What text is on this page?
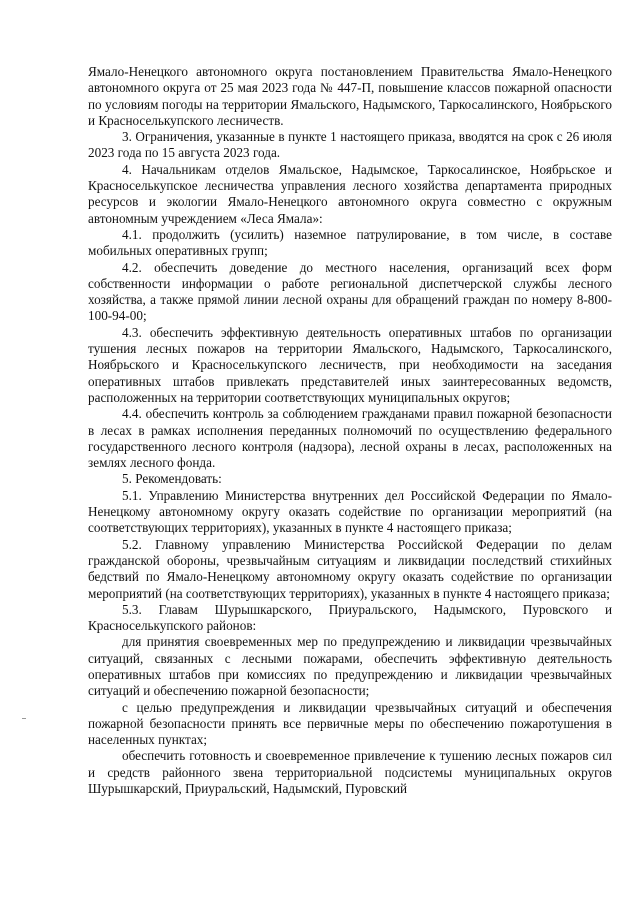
Ямало-Ненецкого автономного округа постановлением Правительства Ямало-Ненецкого автономного округа от 25 мая 2023 года № 447-П, повышение классов пожарной опасности по условиям погоды на территории Ямальского, Надымского, Таркосалинского, Ноябрьского и Красноселькупского лесничеств.

3. Ограничения, указанные в пункте 1 настоящего приказа, вводятся на срок с 26 июля 2023 года по 15 августа 2023 года.

4. Начальникам отделов Ямальское, Надымское, Таркосалинское, Ноябрьское и Красноселькупское лесничества управления лесного хозяйства департамента природных ресурсов и экологии Ямало-Ненецкого автономного округа совместно с окружным автономным учреждением «Леса Ямала»:

4.1. продолжить (усилить) наземное патрулирование, в том числе, в составе мобильных оперативных групп;

4.2. обеспечить доведение до местного населения, организаций всех форм собственности информации о работе региональной диспетчерской службы лесного хозяйства, а также прямой линии лесной охраны для обращений граждан по номеру 8-800-100-94-00;

4.3. обеспечить эффективную деятельность оперативных штабов по организации тушения лесных пожаров на территории Ямальского, Надымского, Таркосалинского, Ноябрьского и Красноселькупского лесничеств, при необходимости на заседания оперативных штабов привлекать представителей иных заинтересованных ведомств, расположенных на территории соответствующих муниципальных округов;

4.4. обеспечить контроль за соблюдением гражданами правил пожарной безопасности в лесах в рамках исполнения переданных полномочий по осуществлению федерального государственного лесного контроля (надзора), лесной охраны в лесах, расположенных на землях лесного фонда.

5. Рекомендовать:

5.1. Управлению Министерства внутренних дел Российской Федерации по Ямало-Ненецкому автономному округу оказать содействие по организации мероприятий (на соответствующих территориях), указанных в пункте 4 настоящего приказа;

5.2. Главному управлению Министерства Российской Федерации по делам гражданской обороны, чрезвычайным ситуациям и ликвидации последствий стихийных бедствий по Ямало-Ненецкому автономному округу оказать содействие по организации мероприятий (на соответствующих территориях), указанных в пункте 4 настоящего приказа;

5.3. Главам Шурышкарского, Приуральского, Надымского, Пуровского и Красноселькупского районов:

для принятия своевременных мер по предупреждению и ликвидации чрезвычайных ситуаций, связанных с лесными пожарами, обеспечить эффективную деятельность оперативных штабов при комиссиях по предупреждению и ликвидации чрезвычайных ситуаций и обеспечению пожарной безопасности;

с целью предупреждения и ликвидации чрезвычайных ситуаций и обеспечения пожарной безопасности принять все первичные меры по обеспечению пожаротушения в населенных пунктах;

обеспечить готовность и своевременное привлечение к тушению лесных пожаров сил и средств районного звена территориальной подсистемы муниципальных округов Шурышкарский, Приуральский, Надымский, Пуровский
